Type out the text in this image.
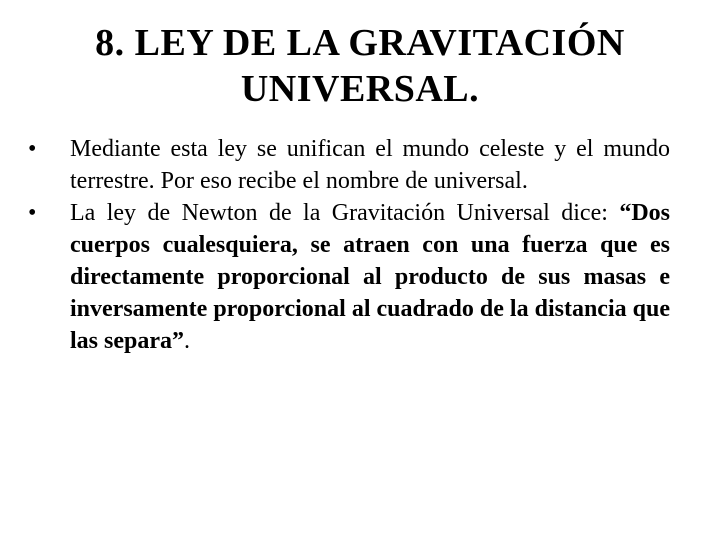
8. LEY DE LA GRAVITACIÓN
UNIVERSAL.
•	Mediante esta ley se unifican el mundo celeste y el mundo terrestre. Por eso recibe el nombre de universal.
•	La ley de Newton de la Gravitación Universal dice: “Dos cuerpos cualesquiera, se atraen con una fuerza que es directamente proporcional al producto de sus masas e inversamente proporcional al cuadrado de la distancia que las separa”.
